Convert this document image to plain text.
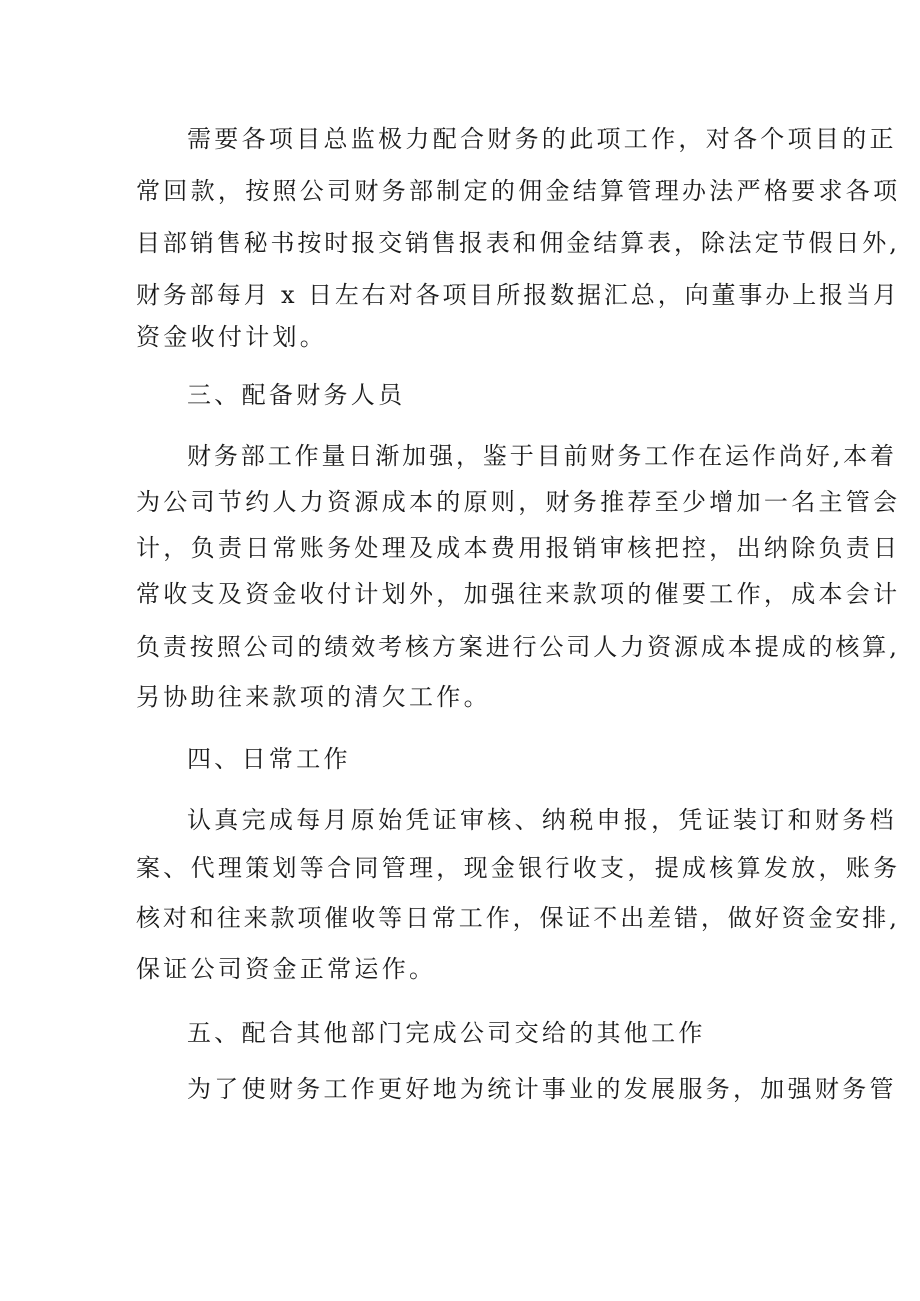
需要各项目总监极力配合财务的此项工作，对各个项目的正

常回款，按照公司财务部制定的佣金结算管理办法严格要求各项

目部销售秘书按时报交销售报表和佣金结算表，除法定节假日外,

财务部每月 x 日左右对各项目所报数据汇总，向董事办上报当月

资金收付计划。

三、配备财务人员

财务部工作量日渐加强，鉴于目前财务工作在运作尚好,本着

为公司节约人力资源成本的原则，财务推荐至少增加一名主管会

计，负责日常账务处理及成本费用报销审核把控，出纳除负责日

常收支及资金收付计划外，加强往来款项的催要工作，成本会计

负责按照公司的绩效考核方案进行公司人力资源成本提成的核算,

另协助往来款项的清欠工作。

四、日常工作

认真完成每月原始凭证审核、纳税申报，凭证装订和财务档

案、代理策划等合同管理，现金银行收支，提成核算发放，账务

核对和往来款项催收等日常工作，保证不出差错，做好资金安排,

保证公司资金正常运作。

五、配合其他部门完成公司交给的其他工作

为了使财务工作更好地为统计事业的发展服务，加强财务管
